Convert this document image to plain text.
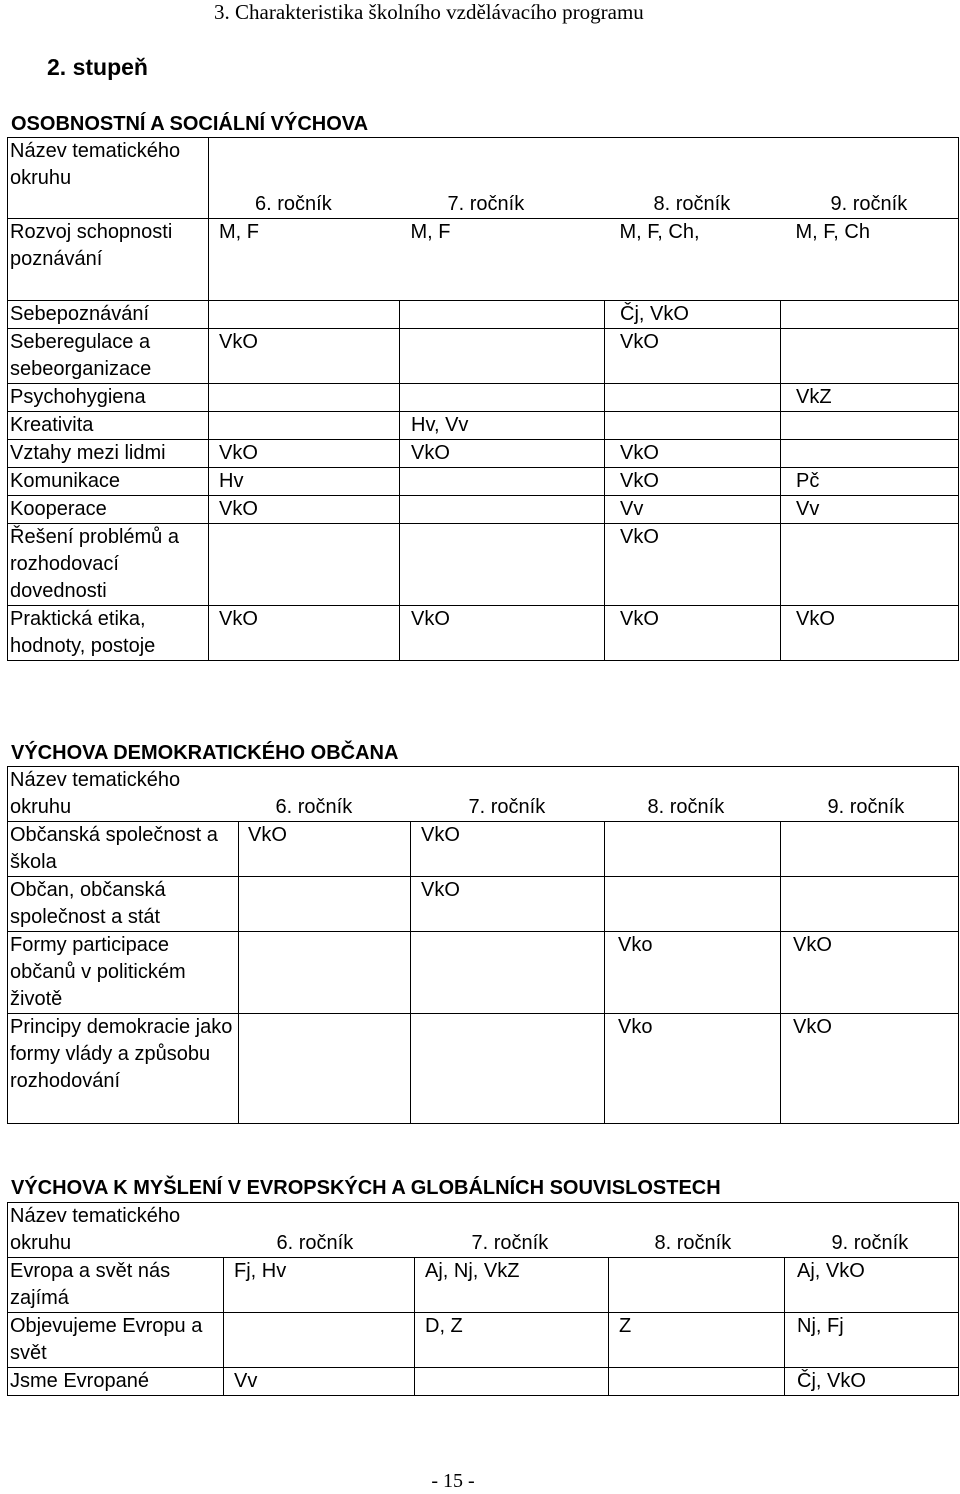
3. Charakteristika školního vzdělávacího programu
2. stupeň
OSOBNOSTNÍ A SOCIÁLNÍ VÝCHOVA
Název tematického okruhu	6. ročník	7. ročník	8. ročník	9. ročník
Rozvoj schopnosti poznávání	M, F	M, F	M, F, Ch,	M, F, Ch
Sebepoznávání			Čj, VkO	
Seberegulace a sebeorganizace	VkO		VkO	
Psychohygiena				VkZ
Kreativita		Hv, Vv		
Vztahy mezi lidmi	VkO	VkO	VkO	
Komunikace	Hv		VkO	Pč
Kooperace	VkO		Vv	Vv
Řešení problémů a rozhodovací dovednosti			VkO	
Praktická etika, hodnoty, postoje	VkO	VkO	VkO	VkO
VÝCHOVA DEMOKRATICKÉHO OBČANA
Název tematického okruhu	6. ročník	7. ročník	8. ročník	9. ročník
Občanská společnost a škola	VkO	VkO		
Občan, občanská společnost a stát		VkO		
Formy participace občanů v politickém životě			Vko	VkO
Principy demokracie jako formy vlády a způsobu rozhodování			Vko	VkO
VÝCHOVA K MYŠLENÍ V EVROPSKÝCH A GLOBÁLNÍCH SOUVISLOSTECH
Název tematického okruhu	6. ročník	7. ročník	8. ročník	9. ročník
Evropa a svět nás zajímá	Fj, Hv	Aj, Nj, VkZ		Aj, VkO
Objevujeme Evropu a svět		D, Z	Z	Nj, Fj
Jsme Evropané	Vv			Čj, VkO
- 15 -
